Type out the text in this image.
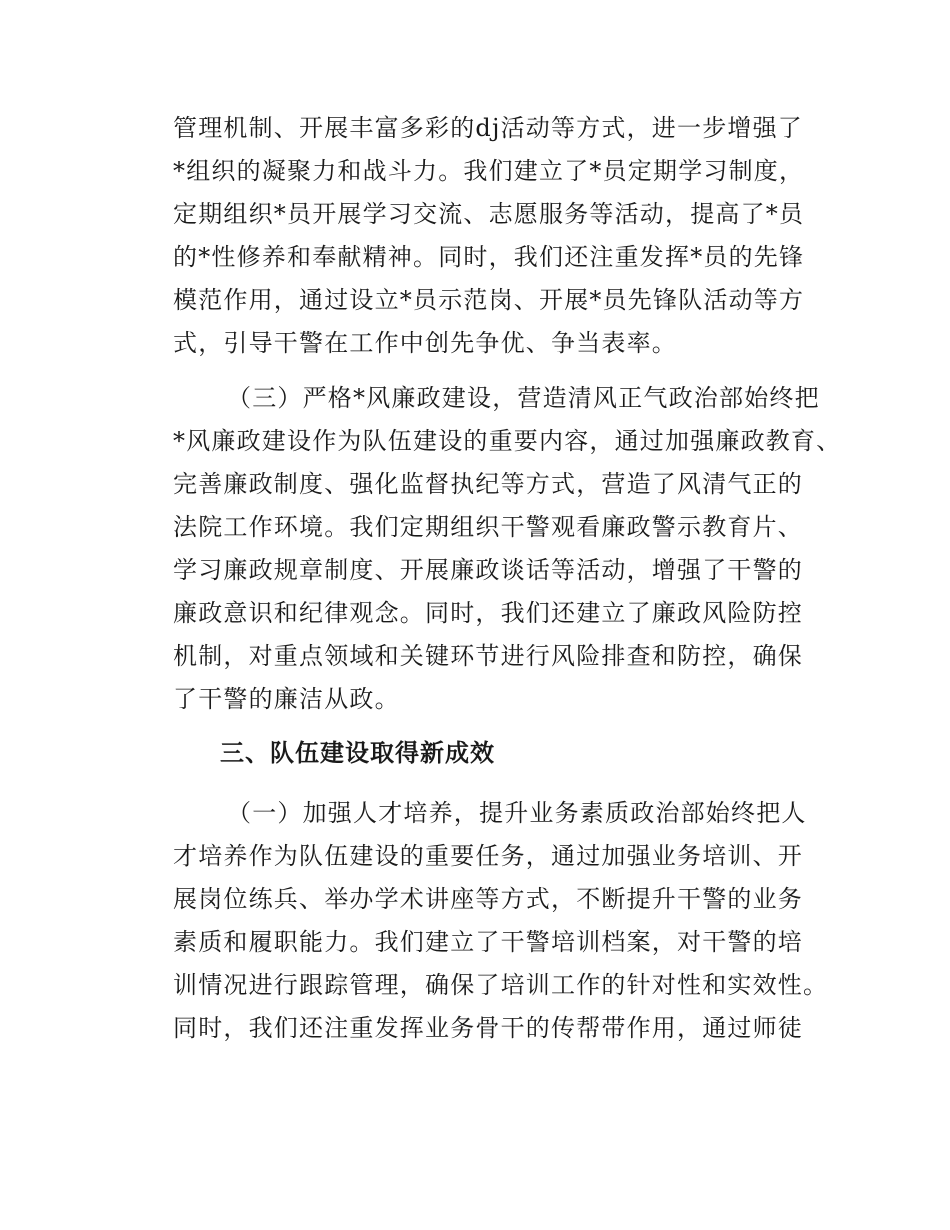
管理机制、开展丰富多彩的dj活动等方式，进一步增强了
*组织的凝聚力和战斗力。我们建立了*员定期学习制度，
定期组织*员开展学习交流、志愿服务等活动，提高了*员
的*性修养和奉献精神。同时，我们还注重发挥*员的先锋
模范作用，通过设立*员示范岗、开展*员先锋队活动等方
式，引导干警在工作中创先争优、争当表率。
（三）严格*风廉政建设，营造清风正气政治部始终把
*风廉政建设作为队伍建设的重要内容，通过加强廉政教育、
完善廉政制度、强化监督执纪等方式，营造了风清气正的
法院工作环境。我们定期组织干警观看廉政警示教育片、
学习廉政规章制度、开展廉政谈话等活动，增强了干警的
廉政意识和纪律观念。同时，我们还建立了廉政风险防控
机制，对重点领域和关键环节进行风险排查和防控，确保
了干警的廉洁从政。
三、队伍建设取得新成效
（一）加强人才培养，提升业务素质政治部始终把人
才培养作为队伍建设的重要任务，通过加强业务培训、开
展岗位练兵、举办学术讲座等方式，不断提升干警的业务
素质和履职能力。我们建立了干警培训档案，对干警的培
训情况进行跟踪管理，确保了培训工作的针对性和实效性。
同时，我们还注重发挥业务骨干的传帮带作用，通过师徒
